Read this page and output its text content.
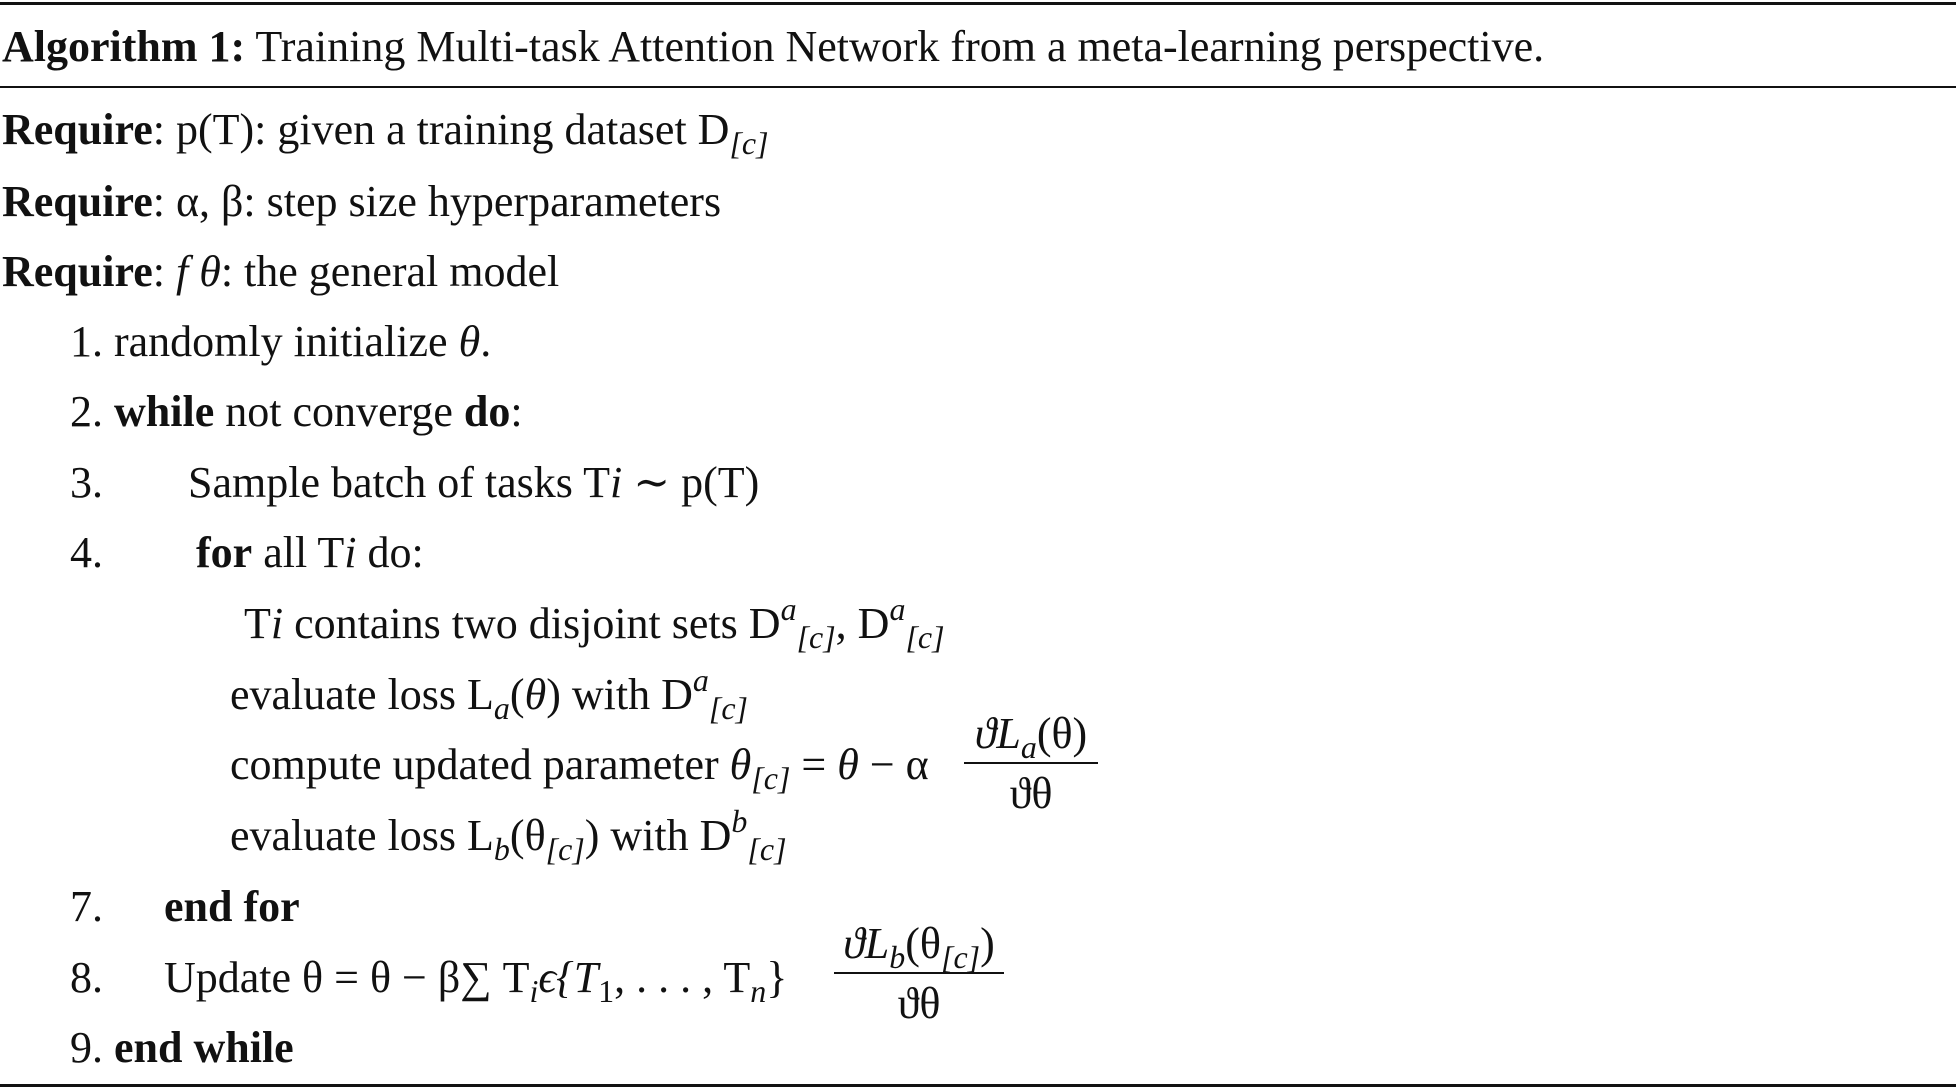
Algorithm 1: Training Multi-task Attention Network from a meta-learning perspective.
Require: p(T): given a training dataset $D_{[c]}$
Require: α, β: step size hyperparameters
Require: f θ: the general model
1. randomly initialize θ.
2. while not converge do:
3. Sample batch of tasks Ti ∼ p(T)
4. for all Ti do:
Ti contains two disjoint sets $D^a_{[c]}$, $D^a_{[c]}$
evaluate loss $L_a(\theta)$ with $D^a_{[c]}$
compute updated parameter $\theta_{[c]} = \theta - \alpha$
$ϑL_a(\theta)$
ϑθ
evaluate loss $L_b(\theta_{[c]})$ with $D^b_{[c]}$
7. end for
8. Update θ = θ − β∑ $T_i\epsilon\{T_1$, . . . , $T_n$}
$ϑL_b(\theta_{[c]})$
ϑθ
9. end while
